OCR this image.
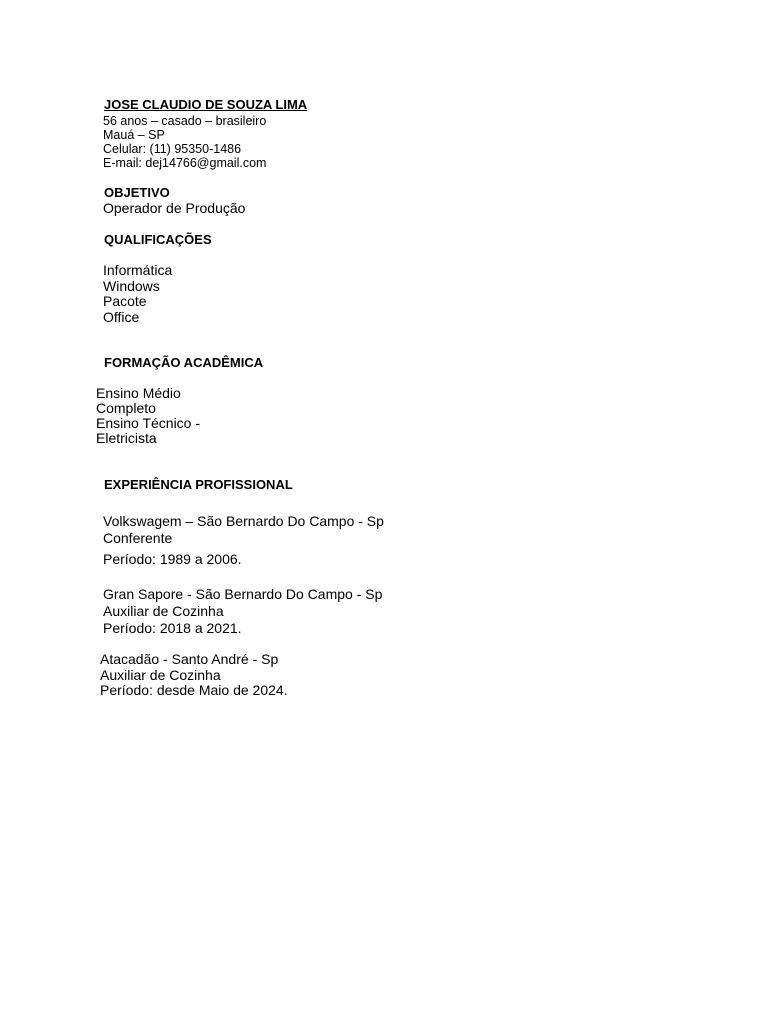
JOSE CLAUDIO DE SOUZA LIMA
56 anos – casado – brasileiro
Mauá – SP
Celular: (11) 95350-1486
E-mail: dej14766@gmail.com
OBJETIVO
Operador de Produção
QUALIFICAÇÕES
Informática
Windows
Pacote
Office
FORMAÇÃO ACADÊMICA
Ensino Médio
Completo
Ensino Técnico -
Eletricista
EXPERIÊNCIA PROFISSIONAL
Volkswagem – São Bernardo Do Campo - Sp
Conferente
Período: 1989 a 2006.
Gran Sapore - São Bernardo Do Campo - Sp
Auxiliar de Cozinha
Período: 2018 a 2021.
Atacadão - Santo André - Sp
Auxiliar de Cozinha
Período: desde Maio de 2024.
